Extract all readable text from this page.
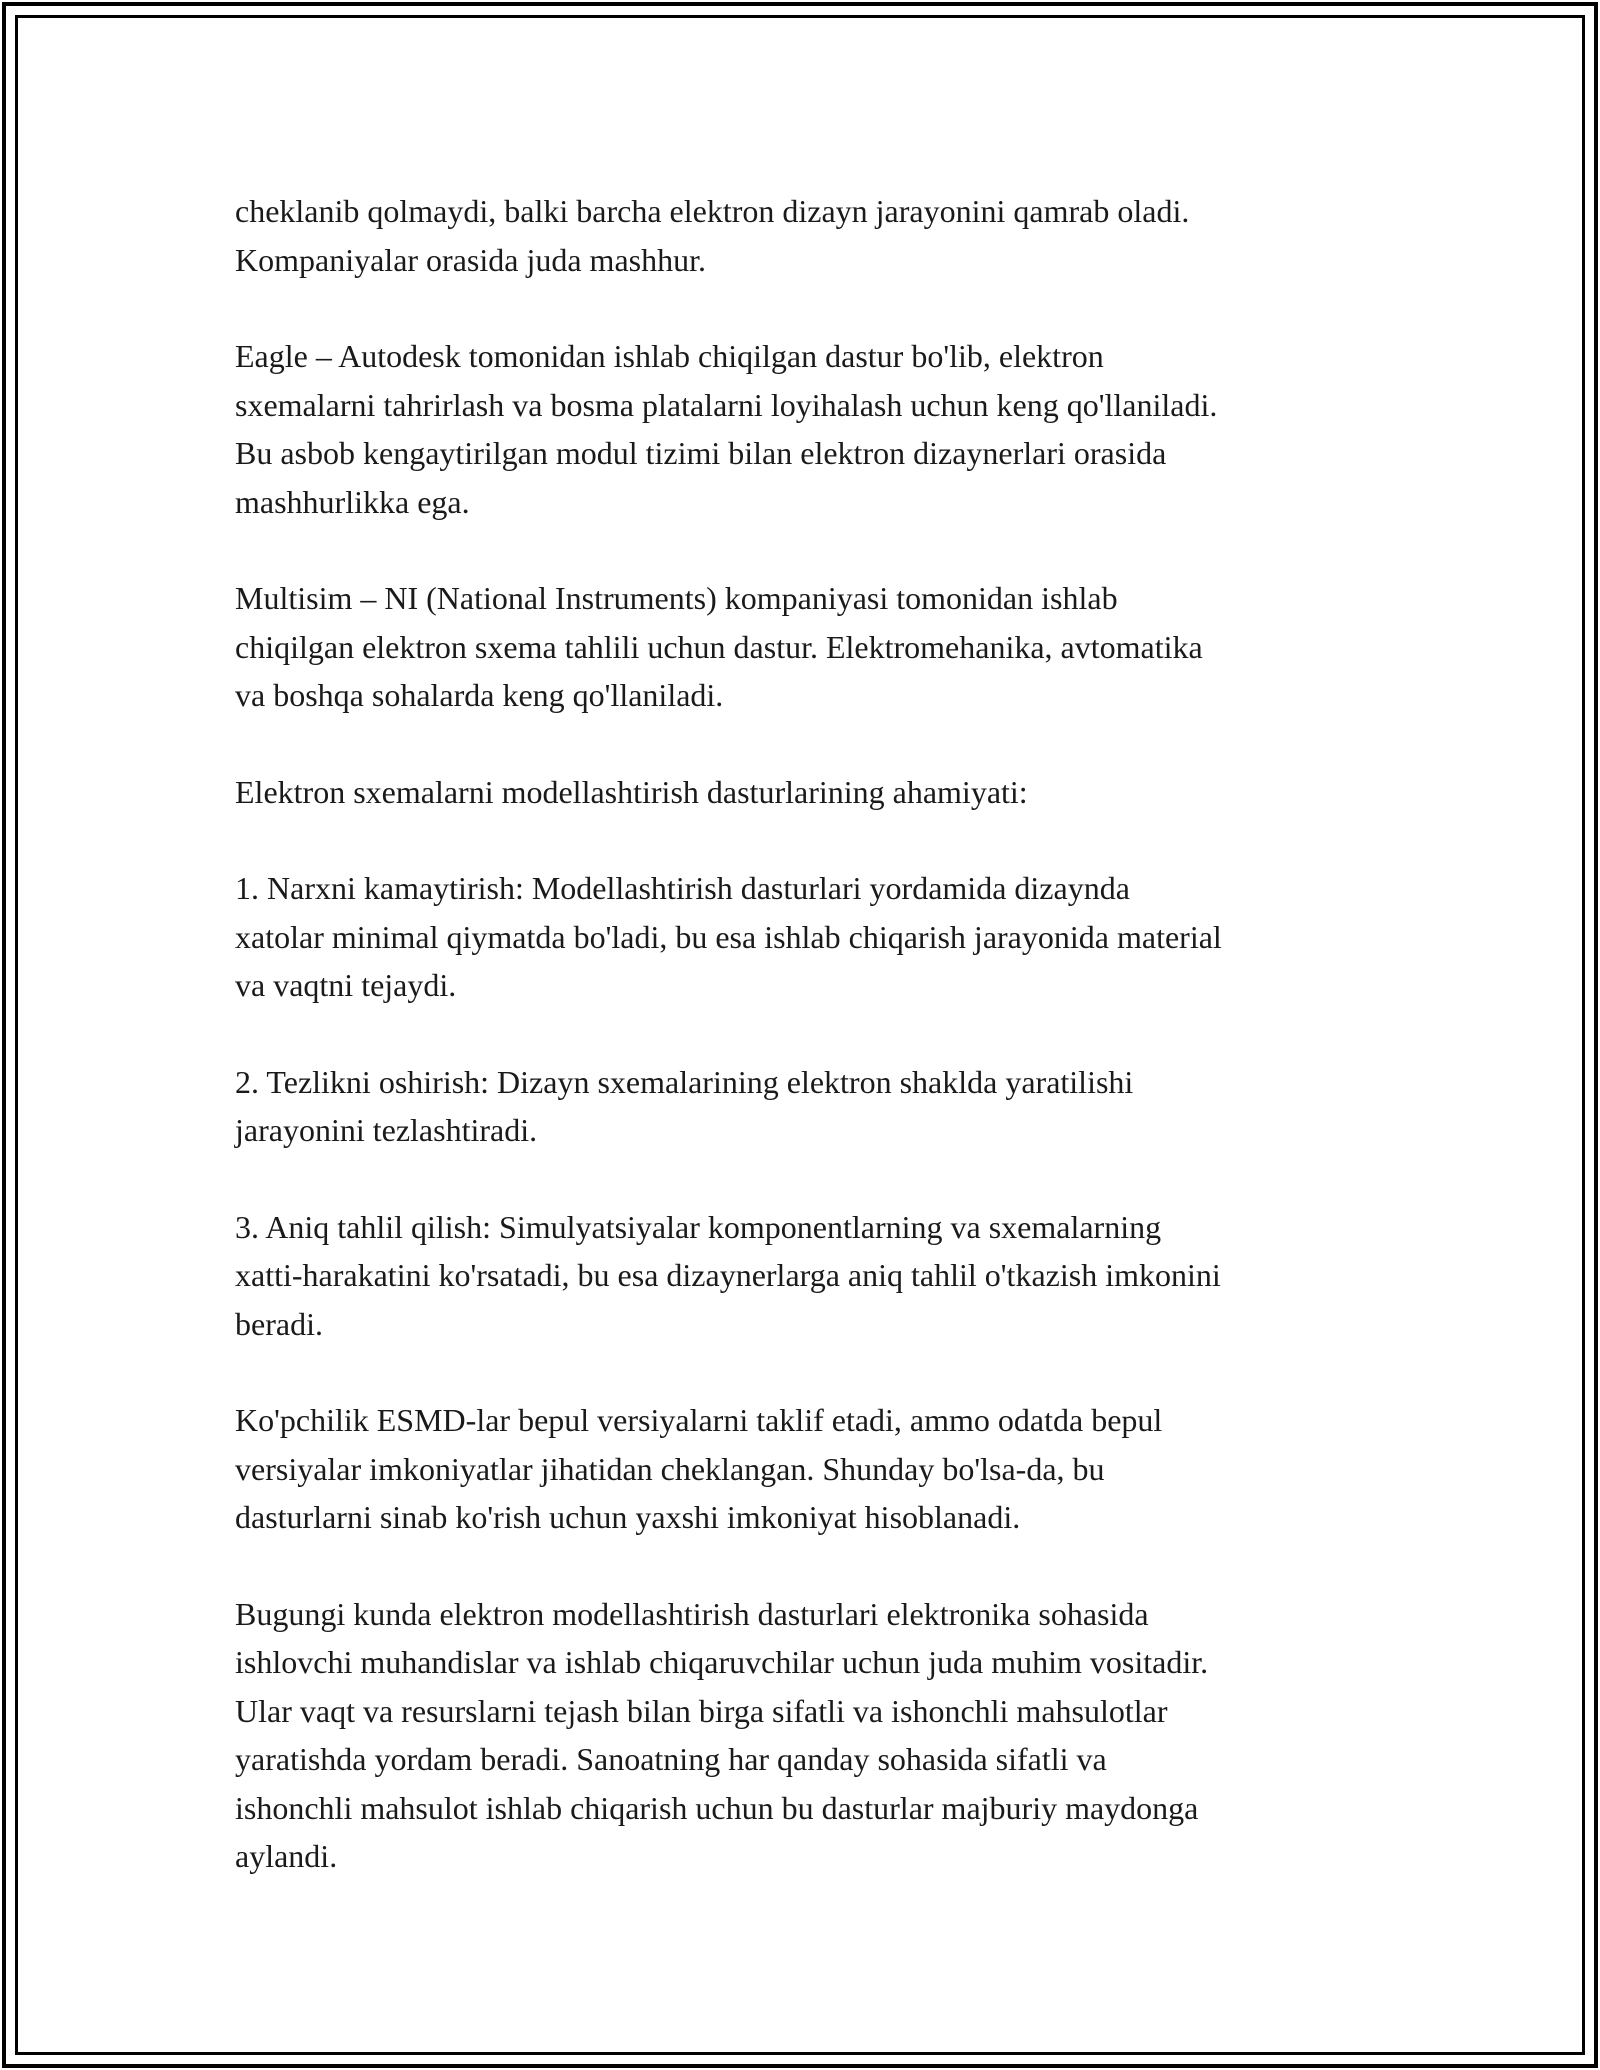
cheklanib qolmaydi, balki barcha elektron dizayn jarayonini qamrab oladi.
Kompaniyalar orasida juda mashhur.

Eagle – Autodesk tomonidan ishlab chiqilgan dastur bo'lib, elektron
sxemalarni tahrirlash va bosma platalarni loyihalash uchun keng qo'llaniladi.
Bu asbob kengaytirilgan modul tizimi bilan elektron dizaynerlari orasida
mashhurlikka ega.

Multisim – NI (National Instruments) kompaniyasi tomonidan ishlab
chiqilgan elektron sxema tahlili uchun dastur. Elektromehanika, avtomatika
va boshqa sohalarda keng qo'llaniladi.

Elektron sxemalarni modellashtirish dasturlarining ahamiyati:

1. Narxni kamaytirish: Modellashtirish dasturlari yordamida dizaynda
xatolar minimal qiymatda bo'ladi, bu esa ishlab chiqarish jarayonida material
va vaqtni tejaydi.

2. Tezlikni oshirish: Dizayn sxemalarining elektron shaklda yaratilishi
jarayonini tezlashtiradi.

3. Aniq tahlil qilish: Simulyatsiyalar komponentlarning va sxemalarning
xatti-harakatini ko'rsatadi, bu esa dizaynerlarga aniq tahlil o'tkazish imkonini
beradi.

Ko'pchilik ESMD-lar bepul versiyalarni taklif etadi, ammo odatda bepul
versiyalar imkoniyatlar jihatidan cheklangan. Shunday bo'lsa-da, bu
dasturlarni sinab ko'rish uchun yaxshi imkoniyat hisoblanadi.

Bugungi kunda elektron modellashtirish dasturlari elektronika sohasida
ishlovchi muhandislar va ishlab chiqaruvchilar uchun juda muhim vositadir.
Ular vaqt va resurslarni tejash bilan birga sifatli va ishonchli mahsulotlar
yaratishda yordam beradi. Sanoatning har qanday sohasida sifatli va
ishonchli mahsulot ishlab chiqarish uchun bu dasturlar majburiy maydonga
aylandi.
